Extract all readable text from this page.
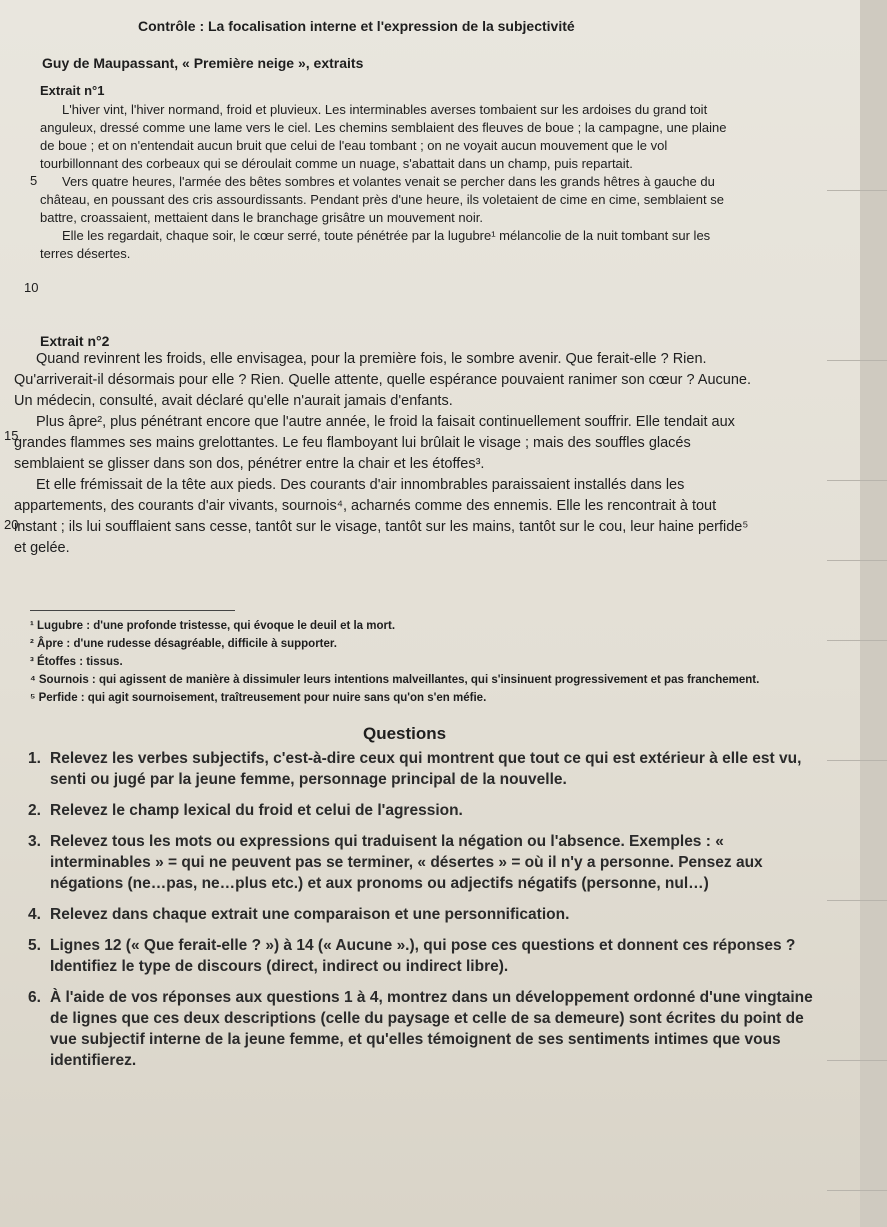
Contrôle : La focalisation interne et l'expression de la subjectivité
Guy de Maupassant, « Première neige », extraits
Extrait n°1

L'hiver vint, l'hiver normand, froid et pluvieux. Les interminables averses tombaient sur les ardoises du grand toit anguleux, dressé comme une lame vers le ciel. Les chemins semblaient des fleuves de boue ; la campagne, une plaine de boue ; et on n'entendait aucun bruit que celui de l'eau tombant ; on ne voyait aucun mouvement que le vol tourbillonnant des corbeaux qui se déroulait comme un nuage, s'abattait dans un champ, puis repartait.

Vers quatre heures, l'armée des bêtes sombres et volantes venait se percher dans les grands hêtres à gauche du château, en poussant des cris assourdissants. Pendant près d'une heure, ils voletaient de cime en cime, semblaient se battre, croassaient, mettaient dans le branchage grisâtre un mouvement noir.

Elle les regardait, chaque soir, le cœur serré, toute pénétrée par la lugubre¹ mélancolie de la nuit tombant sur les terres désertes.

5
10
Extrait n°2

Quand revinrent les froids, elle envisagea, pour la première fois, le sombre avenir. Que ferait-elle ? Rien. Qu'arriverait-il désormais pour elle ? Rien. Quelle attente, quelle espérance pouvaient ranimer son cœur ? Aucune. Un médecin, consulté, avait déclaré qu'elle n'aurait jamais d'enfants.

Plus âpre², plus pénétrant encore que l'autre année, le froid la faisait continuellement souffrir. Elle tendait aux grandes flammes ses mains grelottantes. Le feu flamboyant lui brûlait le visage ; mais des souffles glacés semblaient se glisser dans son dos, pénétrer entre la chair et les étoffes³.

Et elle frémissait de la tête aux pieds. Des courants d'air innombrables paraissaient installés dans les appartements, des courants d'air vivants, sournois⁴, acharnés comme des ennemis. Elle les rencontrait à tout instant ; ils lui soufflaient sans cesse, tantôt sur le visage, tantôt sur les mains, tantôt sur le cou, leur haine perfide⁵ et gelée.

15
20
¹ Lugubre : d'une profonde tristesse, qui évoque le deuil et la mort.
² Âpre : d'une rudesse désagréable, difficile à supporter.
³ Étoffes : tissus.
⁴ Sournois : qui agissent de manière à dissimuler leurs intentions malveillantes, qui s'insinuent progressivement et pas franchement.
⁵ Perfide : qui agit sournoisement, traîtreusement pour nuire sans qu'on s'en méfie.
Questions
1. Relevez les verbes subjectifs, c'est-à-dire ceux qui montrent que tout ce qui est extérieur à elle est vu, senti ou jugé par la jeune femme, personnage principal de la nouvelle.
2. Relevez le champ lexical du froid et celui de l'agression.
3. Relevez tous les mots ou expressions qui traduisent la négation ou l'absence. Exemples : « interminables » = qui ne peuvent pas se terminer, « désertes » = où il n'y a personne. Pensez aux négations (ne…pas, ne…plus etc.) et aux pronoms ou adjectifs négatifs (personne, nul…)
4. Relevez dans chaque extrait une comparaison et une personnification.
5. Lignes 12 (« Que ferait-elle ? ») à 14 (« Aucune ».), qui pose ces questions et donnent ces réponses ? Identifiez le type de discours (direct, indirect ou indirect libre).
6. À l'aide de vos réponses aux questions 1 à 4, montrez dans un développement ordonné d'une vingtaine de lignes que ces deux descriptions (celle du paysage et celle de sa demeure) sont écrites du point de vue subjectif interne de la jeune femme, et qu'elles témoignent de ses sentiments intimes que vous identifierez.
